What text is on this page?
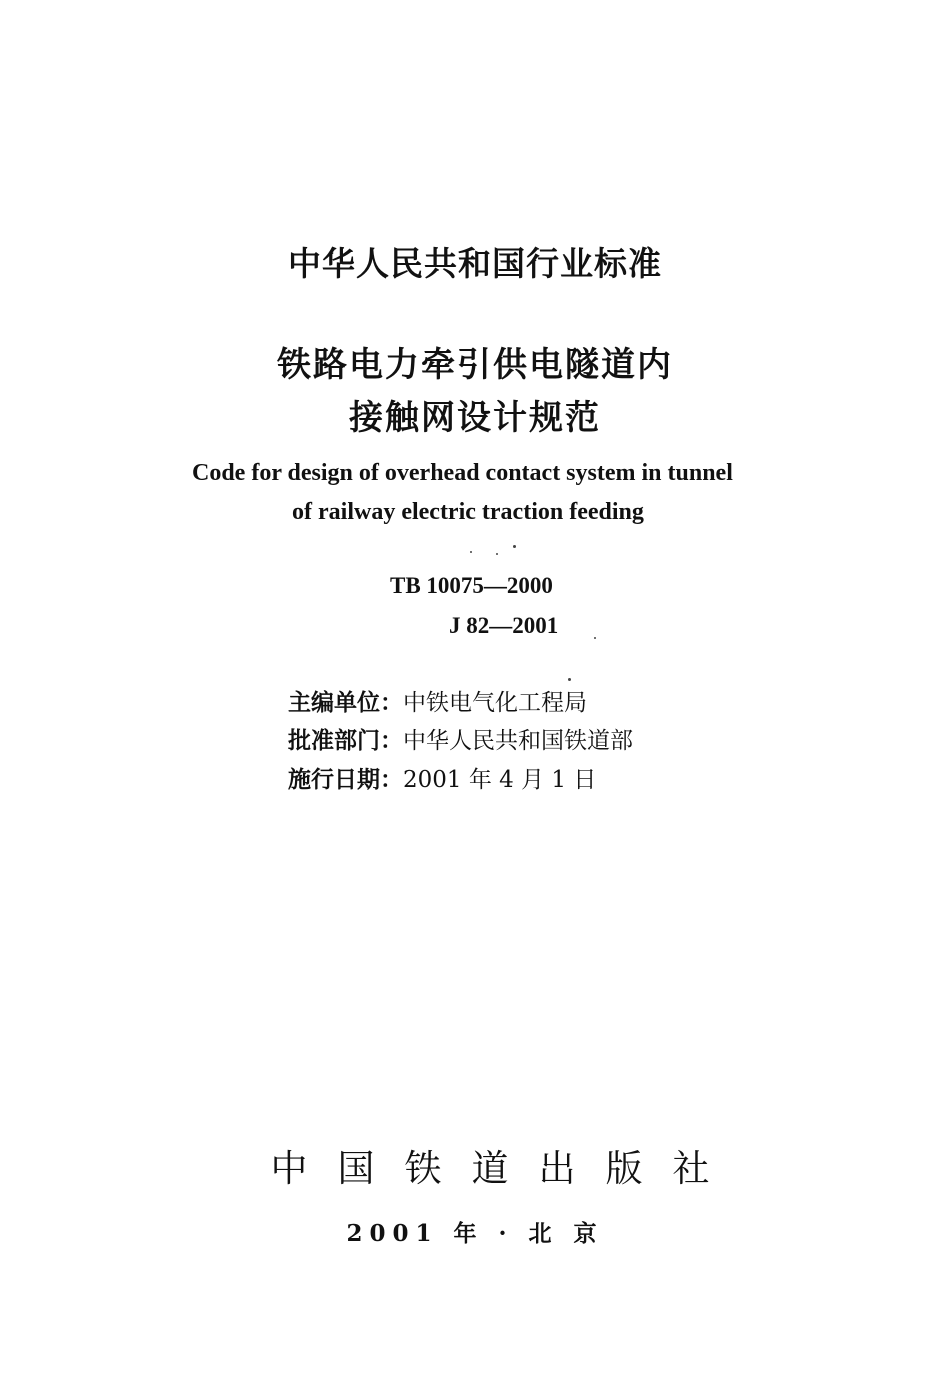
中华人民共和国行业标准
铁路电力牵引供电隧道内
接触网设计规范
Code for design of overhead contact system in tunnel
of railway electric traction feeding
TB 10075—2000
J 82—2001
主编单位：中铁电气化工程局
批准部门：中华人民共和国铁道部
施行日期：2001 年 4 月 1 日
中国铁道出版社
2001 年 · 北 京
